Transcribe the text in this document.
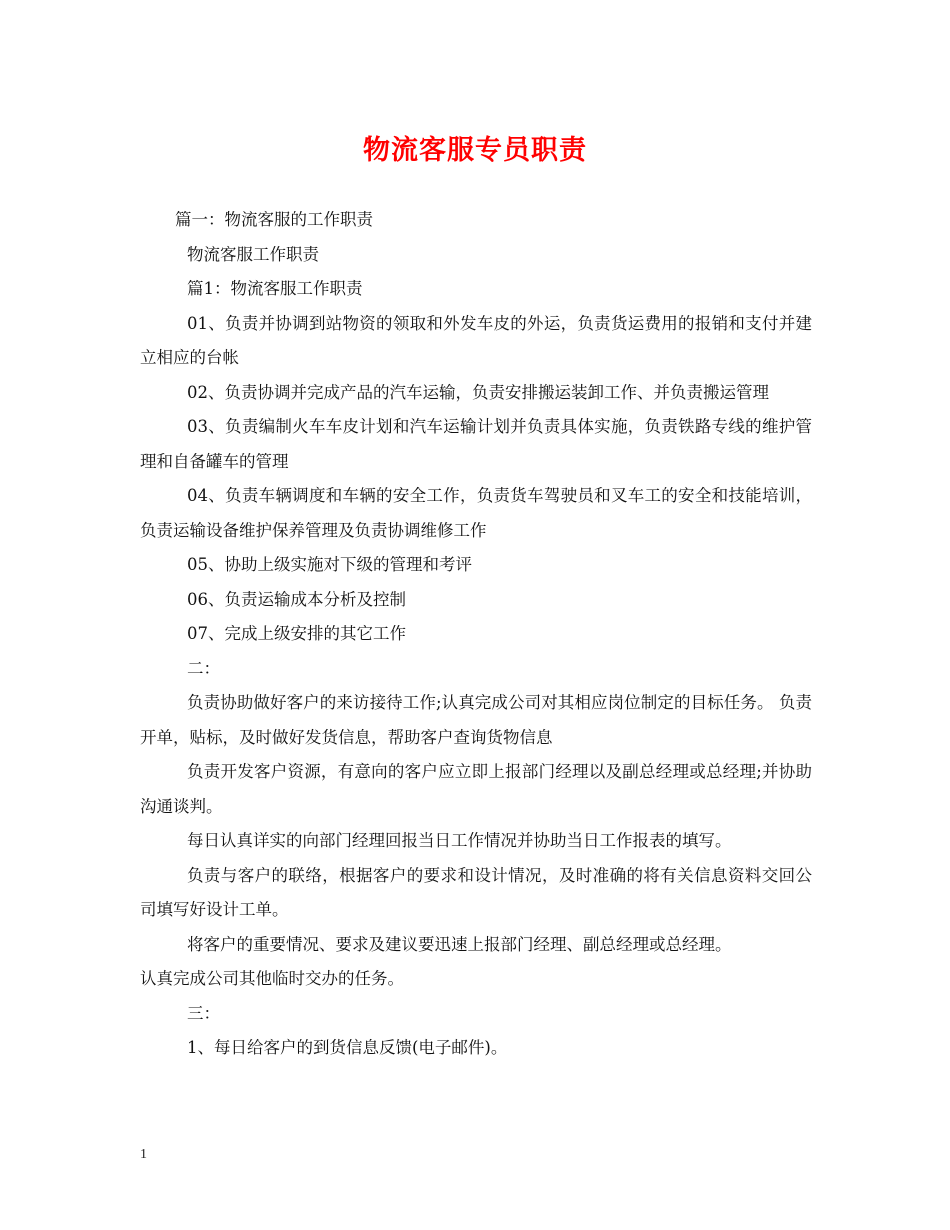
物流客服专员职责

篇一：物流客服的工作职责

物流客服工作职责

篇1：物流客服工作职责

01、负责并协调到站物资的领取和外发车皮的外运，负责货运费用的报销和支付并建立相应的台帐

02、负责协调并完成产品的汽车运输，负责安排搬运装卸工作、并负责搬运管理

03、负责编制火车车皮计划和汽车运输计划并负责具体实施，负责铁路专线的维护管理和自备罐车的管理

04、负责车辆调度和车辆的安全工作，负责货车驾驶员和叉车工的安全和技能培训，负责运输设备维护保养管理及负责协调维修工作

05、协助上级实施对下级的管理和考评

06、负责运输成本分析及控制

07、完成上级安排的其它工作

二：

负责协助做好客户的来访接待工作;认真完成公司对其相应岗位制定的目标任务。 负责开单，贴标，及时做好发货信息，帮助客户查询货物信息

负责开发客户资源，有意向的客户应立即上报部门经理以及副总经理或总经理;并协助沟通谈判。

每日认真详实的向部门经理回报当日工作情况并协助当日工作报表的填写。

负责与客户的联络，根据客户的要求和设计情况，及时准确的将有关信息资料交回公司填写好设计工单。

将客户的重要情况、要求及建议要迅速上报部门经理、副总经理或总经理。

认真完成公司其他临时交办的任务。

三：

1、每日给客户的到货信息反馈(电子邮件)。

1
